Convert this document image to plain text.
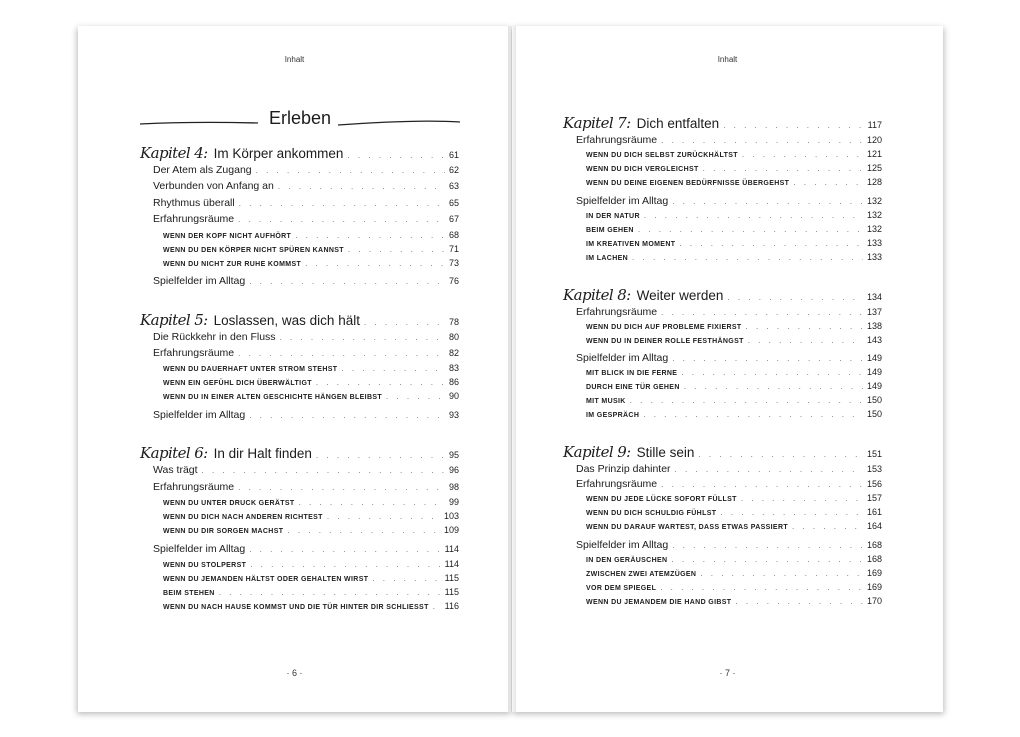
Inhalt
Erleben
Kapitel 4: Im Körper ankommen . . .	61
Der Atem als Zugang . . .	62
Verbunden von Anfang an . . .	63
Rhythmus überall . . .	65
Erfahrungsräume . . .	67
WENN DER KOPF NICHT AUFHÖRT . . .	68
WENN DU DEN KÖRPER NICHT SPÜREN KANNST . . .	71
WENN DU NICHT ZUR RUHE KOMMST . . .	73
Spielfelder im Alltag . . .	76
Kapitel 5: Loslassen, was dich hält . . .	78
Die Rückkehr in den Fluss . . .	80
Erfahrungsräume . . .	82
WENN DU DAUERHAFT UNTER STROM STEHST . . .	83
WENN EIN GEFÜHL DICH ÜBERWÄLTIGT . . .	86
WENN DU IN EINER ALTEN GESCHICHTE HÄNGEN BLEIBST . . .	90
Spielfelder im Alltag . . .	93
Kapitel 6: In dir Halt finden . . .	95
Was trägt . . .	96
Erfahrungsräume . . .	98
WENN DU UNTER DRUCK GERÄTST . . .	99
WENN DU DICH NACH ANDEREN RICHTEST . . .	103
WENN DU DIR SORGEN MACHST . . .	109
Spielfelder im Alltag . . .	114
WENN DU STOLPERST . . .	114
WENN DU JEMANDEN HÄLTST ODER GEHALTEN WIRST . . .	115
BEIM STEHEN . . .	115
WENN DU NACH HAUSE KOMMST UND DIE TÜR HINTER DIR SCHLIESST . . . 116
· 6 ·
Inhalt
Kapitel 7: Dich entfalten . . .	117
Erfahrungsräume . . .	120
WENN DU DICH SELBST ZURÜCKHÄLTST . . .	121
WENN DU DICH VERGLEICHST . . .	125
WENN DU DEINE EIGENEN BEDÜRFNISSE ÜBERGEHST . . .	128
Spielfelder im Alltag . . .	132
IN DER NATUR . . .	132
BEIM GEHEN . . .	132
IM KREATIVEN MOMENT . . .	133
IM LACHEN . . .	133
Kapitel 8: Weiter werden . . .	134
Erfahrungsräume . . .	137
WENN DU DICH AUF PROBLEME FIXIERST . . .	138
WENN DU IN DEINER ROLLE FESTHÄNGST . . .	143
Spielfelder im Alltag . . .	149
MIT BLICK IN DIE FERNE . . .	149
DURCH EINE TÜR GEHEN . . .	149
MIT MUSIK . . .	150
IM GESPRÄCH . . .	150
Kapitel 9: Stille sein . . .	151
Das Prinzip dahinter . . .	153
Erfahrungsräume . . .	156
WENN DU JEDE LÜCKE SOFORT FÜLLST . . .	157
WENN DU DICH SCHULDIG FÜHLST . . .	161
WENN DU DARAUF WARTEST, DASS ETWAS PASSIERT . . .	164
Spielfelder im Alltag . . .	168
IN DEN GERÄUSCHEN . . .	168
ZWISCHEN ZWEI ATEMZÜGEN . . .	169
VOR DEM SPIEGEL . . .	169
WENN DU JEMANDEM DIE HAND GIBST . . .	170
· 7 ·
